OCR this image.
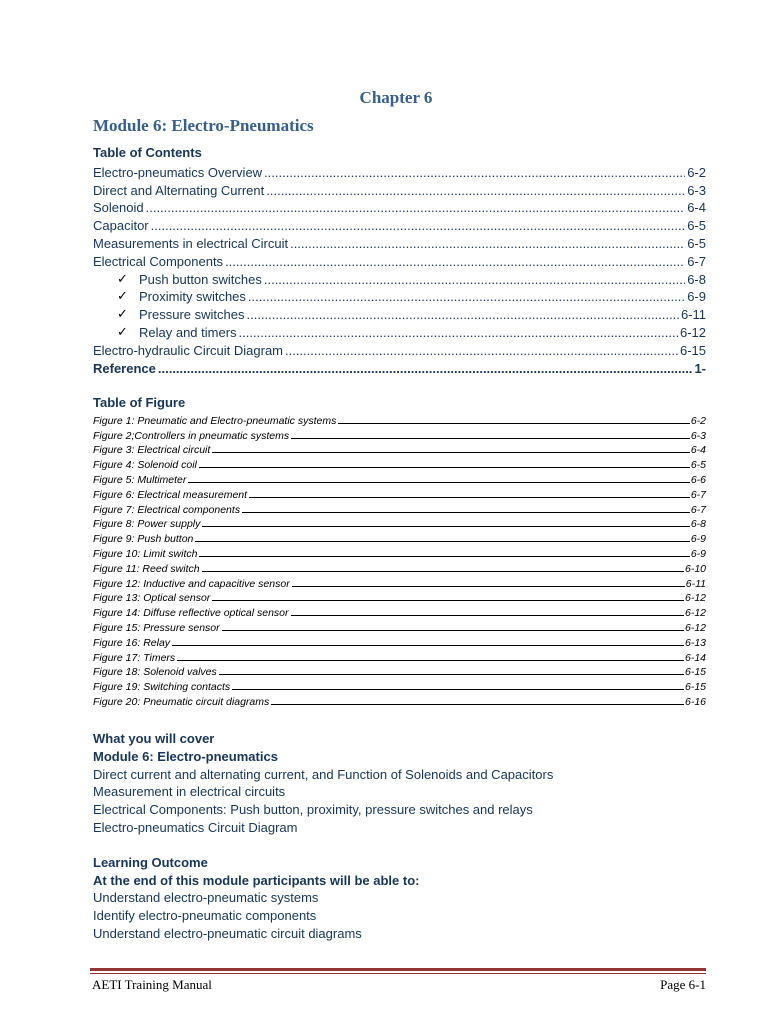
Chapter 6
Module 6: Electro-Pneumatics
Table of Contents
Electro-pneumatics Overview .....	6-2
Direct and Alternating Current .....	6-3
Solenoid .....	6-4
Capacitor .....	6-5
Measurements in electrical Circuit .....	6-5
Electrical Components .....	6-7
✓ Push button switches .....	6-8
✓ Proximity switches .....	6-9
✓ Pressure switches .....	6-11
✓ Relay and timers .....	6-12
Electro-hydraulic Circuit Diagram .....	6-15
Reference .....	1-
Table of Figure
Figure 1: Pneumatic and Electro-pneumatic systems	6-2
Figure 2;Controllers in pneumatic systems	6-3
Figure 3: Electrical circuit	6-4
Figure 4: Solenoid coil	6-5
Figure 5: Multimeter	6-6
Figure 6: Electrical measurement	6-7
Figure 7: Electrical components	6-7
Figure 8: Power supply	6-8
Figure 9: Push button	6-9
Figure 10: Limit switch	6-9
Figure 11: Reed switch	6-10
Figure 12: Inductive and capacitive sensor	6-11
Figure 13: Optical sensor	6-12
Figure 14: Diffuse reflective optical sensor	6-12
Figure 15: Pressure sensor	6-12
Figure 16: Relay	6-13
Figure 17: Timers	6-14
Figure 18: Solenoid valves	6-15
Figure 19: Switching contacts	6-15
Figure 20: Pneumatic circuit diagrams	6-16
What you will cover
Module 6: Electro-pneumatics
Direct current and alternating current, and Function of Solenoids and Capacitors
Measurement in electrical circuits
Electrical Components: Push button, proximity, pressure switches and relays
Electro-pneumatics Circuit Diagram
Learning Outcome
At the end of this module participants will be able to:
Understand electro-pneumatic systems
Identify electro-pneumatic components
Understand electro-pneumatic circuit diagrams
AETI Training Manual	Page 6-1
